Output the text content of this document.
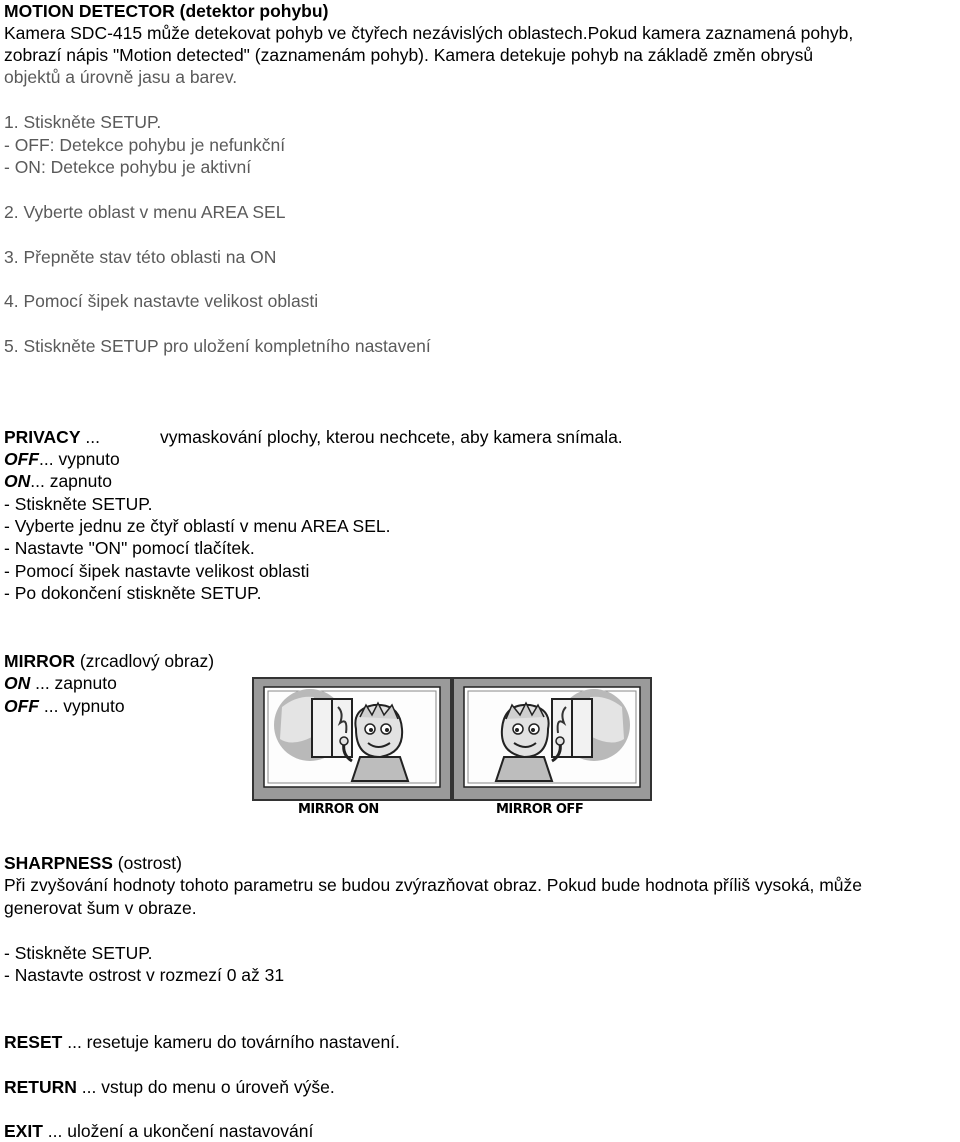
MOTION DETECTOR (detektor pohybu)
Kamera SDC-415 může detekovat pohyb ve čtyřech nezávislých oblastech.Pokud kamera zaznamená pohyb,
zobrazí nápis "Motion detected" (zaznamenám pohyb). Kamera detekuje pohyb na základě změn obrysů
objektů a úrovně jasu a barev.
1. Stiskněte SETUP.
- OFF: Detekce pohybu je nefunkční
- ON: Detekce pohybu je aktivní
2. Vyberte oblast v menu AREA SEL
3. Přepněte stav této oblasti na ON
4. Pomocí šipek nastavte velikost oblasti
5. Stiskněte SETUP pro uložení kompletního nastavení
PRIVACY ...	vymaskování plochy, kterou nechcete, aby kamera snímala.
OFF... vypnuto
ON... zapnuto
- Stiskněte SETUP.
- Vyberte jednu ze čtyř oblastí v menu AREA SEL.
- Nastavte "ON" pomocí tlačítek.
- Pomocí šipek nastavte velikost oblasti
- Po dokončení stiskněte SETUP.
MIRROR (zrcadlový obraz)
ON ... zapnuto
OFF ... vypnuto
MIRROR ON	MIRROR OFF
SHARPNESS (ostrost)
Při zvyšování hodnoty tohoto parametru se budou zvýrazňovat obraz. Pokud bude hodnota příliš vysoká, může
generovat šum v obraze.
- Stiskněte SETUP.
- Nastavte ostrost v rozmezí 0 až 31
RESET ... resetuje kameru do továrního nastavení.
RETURN ... vstup do menu o úroveň výše.
EXIT ... uložení a ukončení nastavování
